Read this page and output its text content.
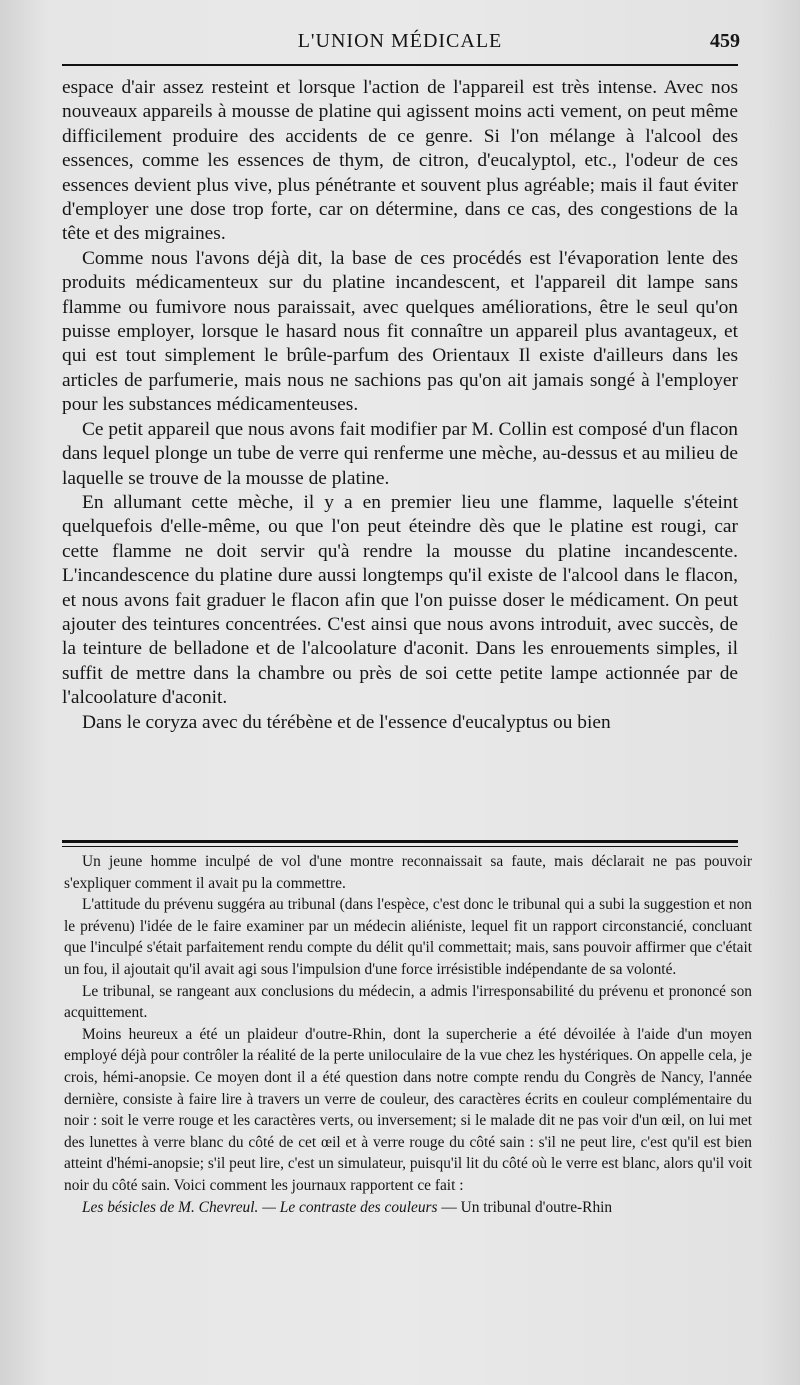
L'UNION MÉDICALE	459

espace d'air assez resteint et lorsque l'action de l'appareil est très intense. Avec nos nouveaux appareils à mousse de platine qui agissent moins acti vement, on peut même difficilement produire des accidents de ce genre. Si l'on mélange à l'alcool des essences, comme les essences de thym, de citron, d'eucalyptol, etc., l'odeur de ces essences devient plus vive, plus pénétrante et souvent plus agréable; mais il faut éviter d'employer une dose trop forte, car on détermine, dans ce cas, des congestions de la tête et des migraines.

Comme nous l'avons déjà dit, la base de ces procédés est l'évaporation lente des produits médicamenteux sur du platine incandescent, et l'appareil dit lampe sans flamme ou fumivore nous paraissait, avec quelques améliorations, être le seul qu'on puisse employer, lorsque le hasard nous fit connaître un appareil plus avantageux, et qui est tout simplement le brûle-parfum des Orientaux Il existe d'ailleurs dans les articles de parfumerie, mais nous ne sachions pas qu'on ait jamais songé à l'employer pour les substances médicamenteuses.

Ce petit appareil que nous avons fait modifier par M. Collin est composé d'un flacon dans lequel plonge un tube de verre qui renferme une mèche, au-dessus et au milieu de laquelle se trouve de la mousse de platine.

En allumant cette mèche, il y a en premier lieu une flamme, laquelle s'éteint quelquefois d'elle-même, ou que l'on peut éteindre dès que le platine est rougi, car cette flamme ne doit servir qu'à rendre la mousse du platine incandescente. L'incandescence du platine dure aussi longtemps qu'il existe de l'alcool dans le flacon, et nous avons fait graduer le flacon afin que l'on puisse doser le médicament. On peut ajouter des teintures concentrées. C'est ainsi que nous avons introduit, avec succès, de la teinture de belladone et de l'alcoolature d'aconit. Dans les enrouements simples, il suffit de mettre dans la chambre ou près de soi cette petite lampe actionnée par de l'alcoolature d'aconit.

Dans le coryza avec du térébène et de l'essence d'eucalyptus ou bien

Un jeune homme inculpé de vol d'une montre reconnaissait sa faute, mais déclarait ne pas pouvoir s'expliquer comment il avait pu la commettre.

L'attitude du prévenu suggéra au tribunal (dans l'espèce, c'est donc le tribunal qui a subi la suggestion et non le prévenu) l'idée de le faire examiner par un médecin aliéniste, lequel fit un rapport circonstancié, concluant que l'inculpé s'était parfaitement rendu compte du délit qu'il commettait; mais, sans pouvoir affirmer que c'était un fou, il ajoutait qu'il avait agi sous l'impulsion d'une force irrésistible indépendante de sa volonté.

Le tribunal, se rangeant aux conclusions du médecin, a admis l'irresponsabilité du prévenu et prononcé son acquittement.

Moins heureux a été un plaideur d'outre-Rhin, dont la supercherie a été dévoilée à l'aide d'un moyen employé déjà pour contrôler la réalité de la perte uniloculaire de la vue chez les hystériques. On appelle cela, je crois, hémi-anopsie. Ce moyen dont il a été question dans notre compte rendu du Congrès de Nancy, l'année dernière, consiste à faire lire à travers un verre de couleur, des caractères écrits en couleur complémentaire du noir : soit le verre rouge et les caractères verts, ou inversement; si le malade dit ne pas voir d'un œil, on lui met des lunettes à verre blanc du côté de cet œil et à verre rouge du côté sain : s'il ne peut lire, c'est qu'il est bien atteint d'hémi-anopsie; s'il peut lire, c'est un simulateur, puisqu'il lit du côté où le verre est blanc, alors qu'il voit noir du côté sain. Voici comment les journaux rapportent ce fait :

Les bésicles de M. Chevreul. — Le contraste des couleurs — Un tribunal d'outre-Rhin
